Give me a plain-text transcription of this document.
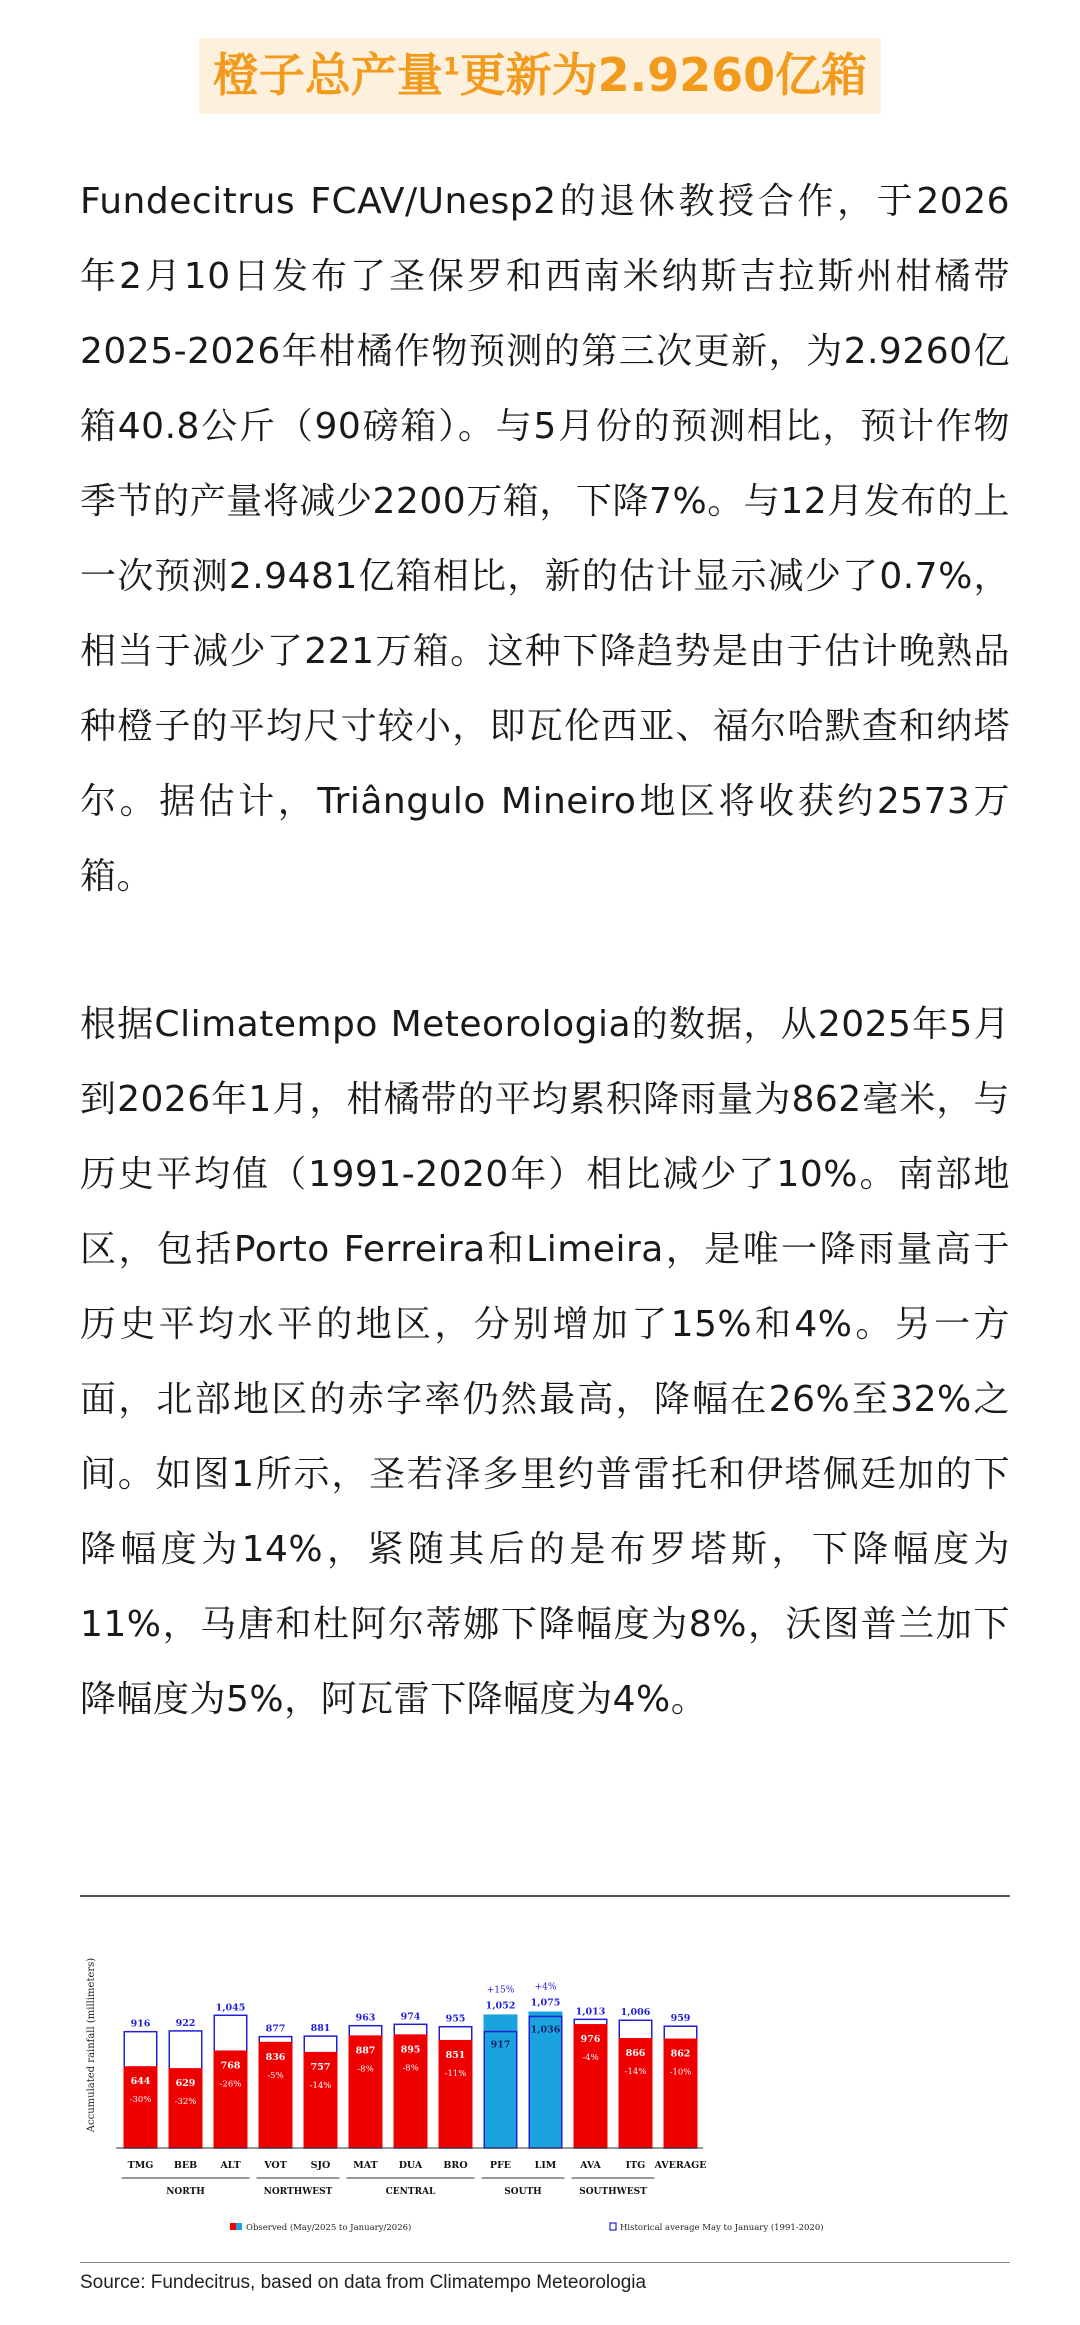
橙子总产量$^1$更新为2.9260亿箱

Fundecitrus FCAV/Unesp2的退休教授合作，于2026年2月10日发布了圣保罗和西南米纳斯吉拉斯州柑橘带2025-2026年柑橘作物预测的第三次更新，为2.9260亿箱40.8公斤（90磅箱）。与5月份的预测相比，预计作物季节的产量将减少2200万箱，下降7%。与12月发布的上一次预测2.9481亿箱相比，新的估计显示减少了0.7%，相当于减少了221万箱。这种下降趋势是由于估计晚熟品种橙子的平均尺寸较小，即瓦伦西亚、福尔哈默查和纳塔尔。据估计，Triângulo Mineiro地区将收获约2573万箱。

根据Climatempo Meteorologia的数据，从2025年5月到2026年1月，柑橘带的平均累积降雨量为862毫米，与历史平均值（1991-2020年）相比减少了10%。南部地区，包括Porto Ferreira和Limeira，是唯一降雨量高于历史平均水平的地区，分别增加了15%和4%。另一方面，北部地区的赤字率仍然最高，降幅在26%至32%之间。如图1所示，圣若泽多里约普雷托和伊塔佩廷加的下降幅度为14%，紧随其后的是布罗塔斯，下降幅度为11%，马唐和杜阿尔蒂娜下降幅度为8%，沃图普兰加下降幅度为5%，阿瓦雷下降幅度为4%。

Accumulated rainfall (millimeters)	916
644
-30%
TMG
922
629
-32%
BEB
1,045
768
-26%
ALT
877
836
-5%
VOT
881
757
-14%
SJO
963
887
-8%
MAT
974
895
-8%
DUA
955
851
-11%
BRO
+15%
1,052
917
PFE
+4%
1,075
1,036
LIM
1,013
976
-4%
AVA
1,006
866
-14%
ITG
959
862
-10%
AVERAGE
NORTH	NORTHWEST	CENTRAL	SOUTH	SOUTHWEST
Observed (May/2025 to January/2026)	Historical average May to January (1991-2020)
Source: Fundecitrus, based on data from Climatempo Meteorologia
